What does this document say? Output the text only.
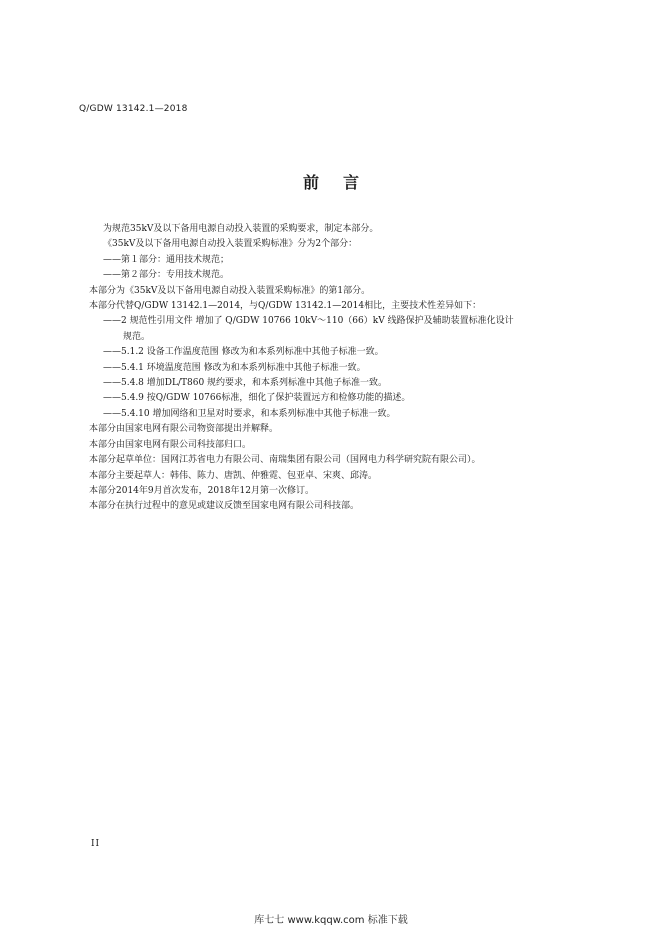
Q/GDW 13142.1—2018
前言
为规范35kV及以下备用电源自动投入装置的采购要求，制定本部分。
《35kV及以下备用电源自动投入装置采购标准》分为2个部分：
——第１部分：通用技术规范；
——第２部分：专用技术规范。
本部分为《35kV及以下备用电源自动投入装置采购标准》的第1部分。
本部分代替Q/GDW 13142.1—2014，与Q/GDW 13142.1—2014相比，主要技术性差异如下：
——2 规范性引用文件 增加了 Q/GDW 10766 10kV～110（66）kV 线路保护及辅助装置标准化设计
规范。
——5.1.2 设备工作温度范围 修改为和本系列标准中其他子标准一致。
——5.4.1 环境温度范围 修改为和本系列标准中其他子标准一致。
——5.4.8 增加DL/T860 规约要求，和本系列标准中其他子标准一致。
——5.4.9 按Q/GDW 10766标准，细化了保护装置远方和检修功能的描述。
——5.4.10 增加网络和卫星对时要求，和本系列标准中其他子标准一致。
本部分由国家电网有限公司物资部提出并解释。
本部分由国家电网有限公司科技部归口。
本部分起草单位：国网江苏省电力有限公司、南瑞集团有限公司（国网电力科学研究院有限公司）。
本部分主要起草人：韩伟、陈力、唐凯、仲雅霓、包亚卓、宋爽、邱涛。
本部分2014年9月首次发布，2018年12月第一次修订。
本部分在执行过程中的意见或建议反馈至国家电网有限公司科技部。
II
库七七 www.kqqw.com 标准下载
